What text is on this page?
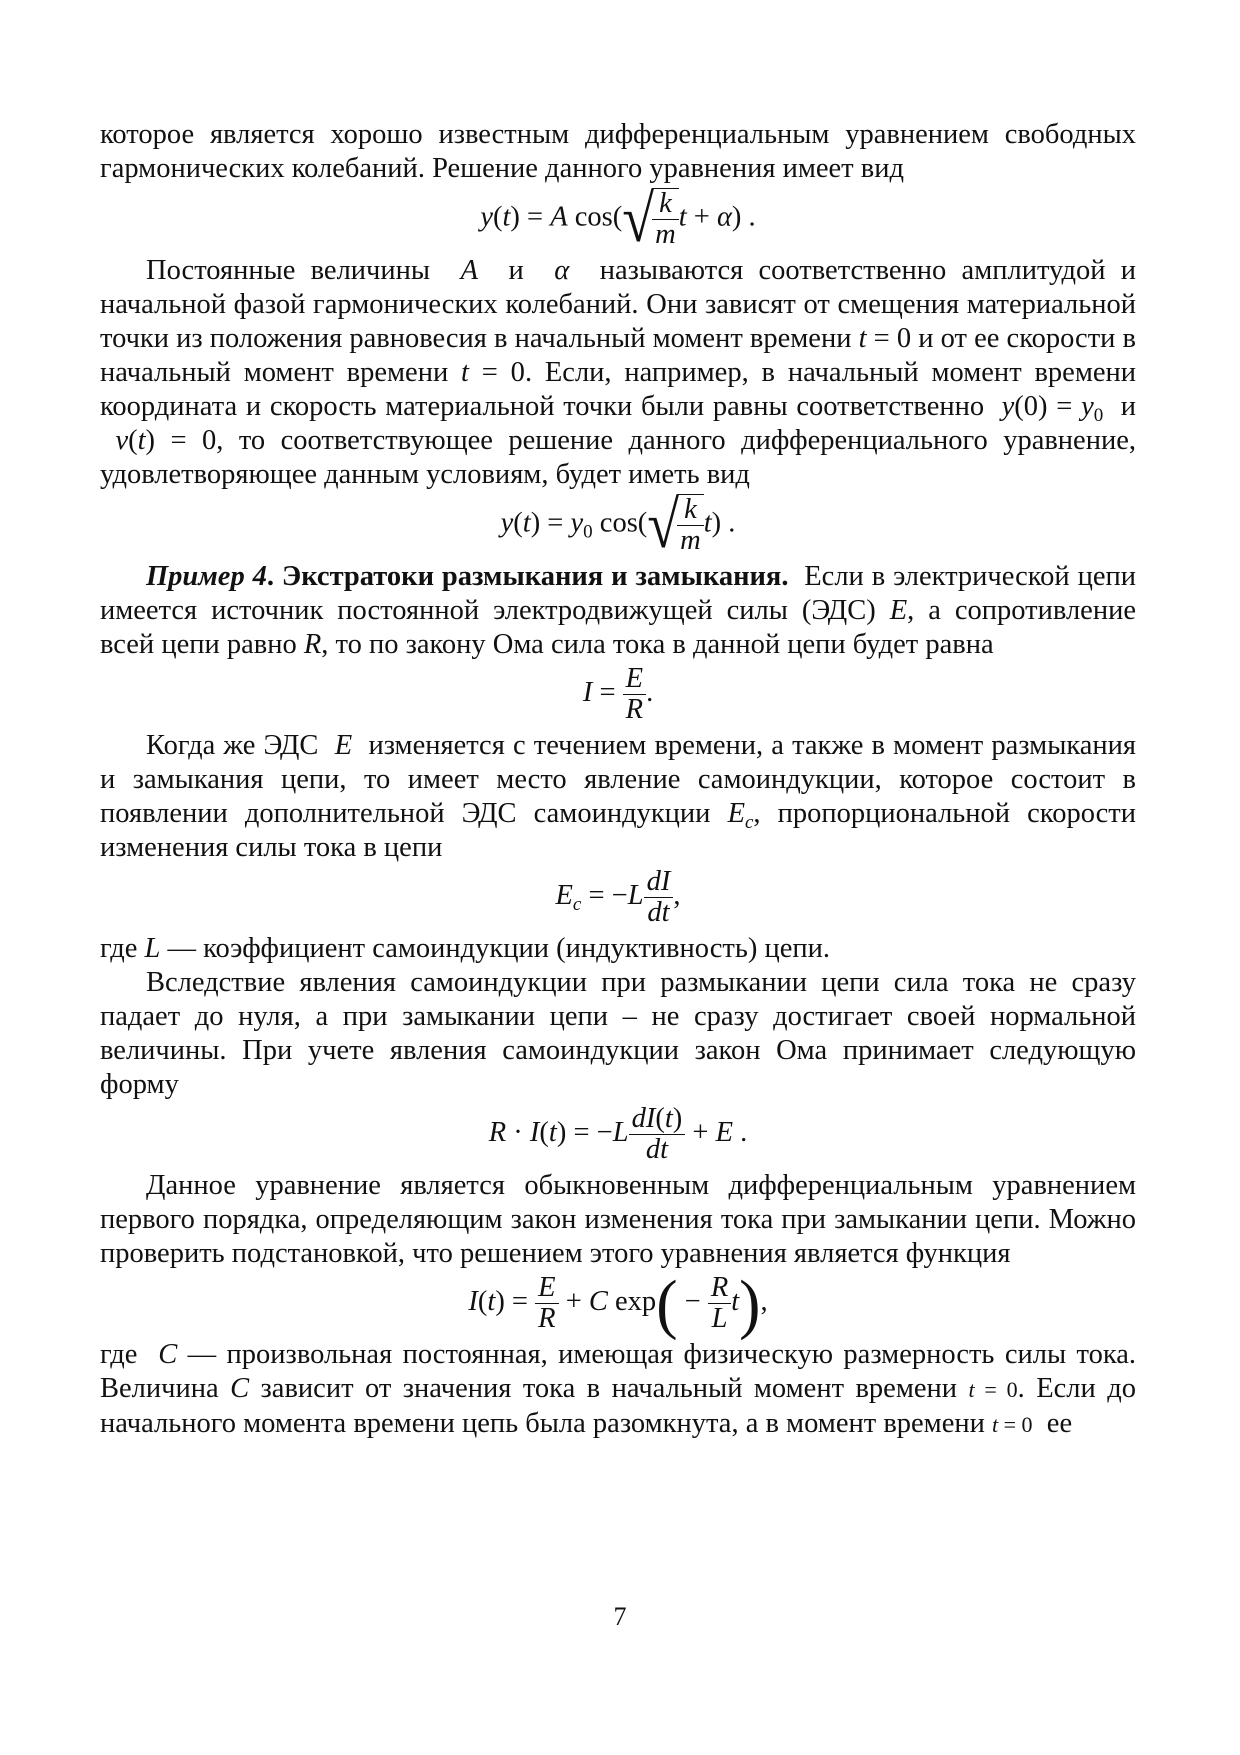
которое является хорошо известным дифференциальным уравнением свободных гармонических колебаний. Решение данного уравнения имеет вид

y(t) = A cos(√
$\frac{k}{m}$ t + α) .

Постоянные величины A и α называются соответственно амплитудой и начальной фазой гармонических колебаний. Они зависят от смещения материальной точки из положения равновесия в начальный момент времени t = 0 и от ее скорости в начальный момент времени t = 0. Если, например, в начальный момент времени координата и скорость материальной точки были равны соответственно $y(0) = y_0$ и  v(t) = 0, то соответствующее решение данного дифференциального уравнение, удовлетворяющее данным условиям, будет иметь вид

$y(t) = y_0$ cos(√
$\frac{k}{m} t$) .

Пример 4. Экстратоки размыкания и замыкания. Если в электрической цепи имеется источник постоянной электродвижущей силы (ЭДС) E, а сопротивление всей цепи равно R, то по закону Ома сила тока в данной цепи будет равна

$I = \frac{E}{R}$ .

Когда же ЭДС E изменяется с течением времени, а также в момент размыкания и замыкания цепи, то имеет место явление самоиндукции, которое состоит в появлении дополнительной ЭДС самоиндукции $E_c$, пропорциональной скорости изменения силы тока в цепи

$E_c = -L \frac{dI}{dt}$ ,

где L — коэффициент самоиндукции (индуктивность) цепи.

Вследствие явления самоиндукции при размыкании цепи сила тока не сразу падает до нуля, а при замыкании цепи – не сразу достигает своей нормальной величины. При учете явления самоиндукции закон Ома принимает следующую форму

$R \cdot I(t) = -L \frac{dI(t)}{dt} + E$ .

Данное уравнение является обыкновенным дифференциальным уравнением первого порядка, определяющим закон изменения тока при замыкании цепи. Можно проверить подстановкой, что решением этого уравнения является функция

$I(t) = \frac{E}{R} + C$ $\exp( - \frac{R}{L} t)$,

где C — произвольная постоянная, имеющая физическую размерность силы тока. Величина C зависит от значения тока в начальный момент времени t = 0. Если до начального момента времени цепь была разомкнута, а в момент времени t = 0 ее

7
